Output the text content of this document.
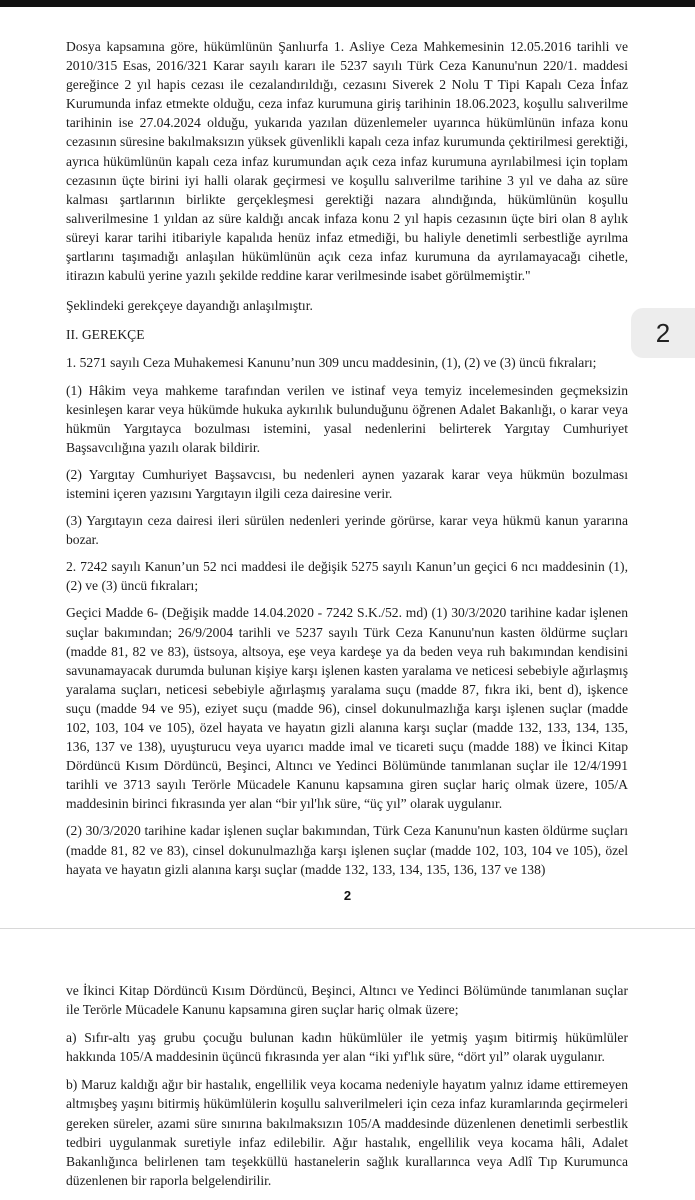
Dosya kapsamına göre, hükümlünün Şanlıurfa 1. Asliye Ceza Mahkemesinin 12.05.2016 tarihli ve 2010/315 Esas, 2016/321 Karar sayılı kararı ile 5237 sayılı Türk Ceza Kanunu'nun 220/1. maddesi gereğince 2 yıl hapis cezası ile cezalandırıldığı, cezasını Siverek 2 Nolu T Tipi Kapalı Ceza İnfaz Kurumunda infaz etmekte olduğu, ceza infaz kurumuna giriş tarihinin 18.06.2023, koşullu salıverilme tarihinin ise 27.04.2024 olduğu, yukarıda yazılan düzenlemeler uyarınca hükümlünün infaza konu cezasının süresine bakılmaksızın yüksek güvenlikli kapalı ceza infaz kurumunda çektirilmesi gerektiği, ayrıca hükümlünün kapalı ceza infaz kurumundan açık ceza infaz kurumuna ayrılabilmesi için toplam cezasının üçte birini iyi halli olarak geçirmesi ve koşullu salıverilme tarihine 3 yıl ve daha az süre kalması şartlarının birlikte gerçekleşmesi gerektiği nazara alındığında, hükümlünün koşullu salıverilmesine 1 yıldan az süre kaldığı ancak infaza konu 2 yıl hapis cezasının üçte biri olan 8 aylık süreyi karar tarihi itibariyle kapalıda henüz infaz etmediği, bu haliyle denetimli serbestliğe ayrılma şartlarını taşımadığı anlaşılan hükümlünün açık ceza infaz kurumuna da ayrılamayacağı cihetle, itirazın kabulü yerine yazılı şekilde reddine karar verilmesinde isabet görülmemiştir."

Şeklindeki gerekçeye dayandığı anlaşılmıştır.

II. GEREKÇE

1. 5271 sayılı Ceza Muhakemesi Kanunu’nun 309 uncu maddesinin, (1), (2) ve (3) üncü fıkraları;

(1) Hâkim veya mahkeme tarafından verilen ve istinaf veya temyiz incelemesinden geçmeksizin kesinleşen karar veya hükümde hukuka aykırılık bulunduğunu öğrenen Adalet Bakanlığı, o karar veya hükmün Yargıtayca bozulması istemini, yasal nedenlerini belirterek Yargıtay Cumhuriyet Başsavcılığına yazılı olarak bildirir.

(2) Yargıtay Cumhuriyet Başsavcısı, bu nedenleri aynen yazarak karar veya hükmün bozulması istemini içeren yazısını Yargıtayın ilgili ceza dairesine verir.

(3) Yargıtayın ceza dairesi ileri sürülen nedenleri yerinde görürse, karar veya hükmü kanun yararına bozar.

2. 7242 sayılı Kanun’un 52 nci maddesi ile değişik 5275 sayılı Kanun’un geçici 6 ncı maddesinin (1), (2) ve (3) üncü fıkraları;

Geçici Madde 6- (Değişik madde 14.04.2020 - 7242 S.K./52. md) (1) 30/3/2020 tarihine kadar işlenen suçlar bakımından; 26/9/2004 tarihli ve 5237 sayılı Türk Ceza Kanunu'nun kasten öldürme suçları (madde 81, 82 ve 83), üstsoya, altsoya, eşe veya kardeşe ya da beden veya ruh bakımından kendisini savunamayacak durumda bulunan kişiye karşı işlenen kasten yaralama ve neticesi sebebiyle ağırlaşmış yaralama suçları, neticesi sebebiyle ağırlaşmış yaralama suçu (madde 87, fıkra iki, bent d), işkence suçu (madde 94 ve 95), eziyet suçu (madde 96), cinsel dokunulmazlığa karşı işlenen suçlar (madde 102, 103, 104 ve 105), özel hayata ve hayatın gizli alanına karşı suçlar (madde 132, 133, 134, 135, 136, 137 ve 138), uyuşturucu veya uyarıcı madde imal ve ticareti suçu (madde 188) ve İkinci Kitap Dördüncü Kısım Dördüncü, Beşinci, Altıncı ve Yedinci Bölümünde tanımlanan suçlar ile 12/4/1991 tarihli ve 3713 sayılı Terörle Mücadele Kanunu kapsamına giren suçlar hariç olmak üzere, 105/A maddesinin birinci fıkrasında yer alan “bir yıl'lık süre, “üç yıl” olarak uygulanır.

(2) 30/3/2020 tarihine kadar işlenen suçlar bakımından, Türk Ceza Kanunu'nun kasten öldürme suçları (madde 81, 82 ve 83), cinsel dokunulmazlığa karşı işlenen suçlar (madde 102, 103, 104 ve 105), özel hayata ve hayatın gizli alanına karşı suçlar (madde 132, 133, 134, 135, 136, 137 ve 138)

2
2

ve İkinci Kitap Dördüncü Kısım Dördüncü, Beşinci, Altıncı ve Yedinci Bölümünde tanımlanan suçlar ile Terörle Mücadele Kanunu kapsamına giren suçlar hariç olmak üzere;

a) Sıfır-altı yaş grubu çocuğu bulunan kadın hükümlüler ile yetmiş yaşım bitirmiş hükümlüler hakkında 105/A maddesinin üçüncü fıkrasında yer alan “iki yıf'lık süre, “dört yıl” olarak uygulanır.

b) Maruz kaldığı ağır bir hastalık, engellilik veya kocama nedeniyle hayatım yalnız idame ettiremeyen altmışbeş yaşını bitirmiş hükümlülerin koşullu salıverilmeleri için ceza infaz kuramlarında geçirmeleri gereken süreler, azami süre sınırına bakılmaksızın 105/A maddesinde düzenlenen denetimli serbestlik tedbiri uygulanmak suretiyle infaz edilebilir. Ağır hastalık, engellilik veya kocama hâli, Adalet Bakanlığınca belirlenen tam teşekküllü hastanelerin sağlık kurallarınca veya Adlî Tıp Kurumunca düzenlenen bir raporla belgelendirilir.
